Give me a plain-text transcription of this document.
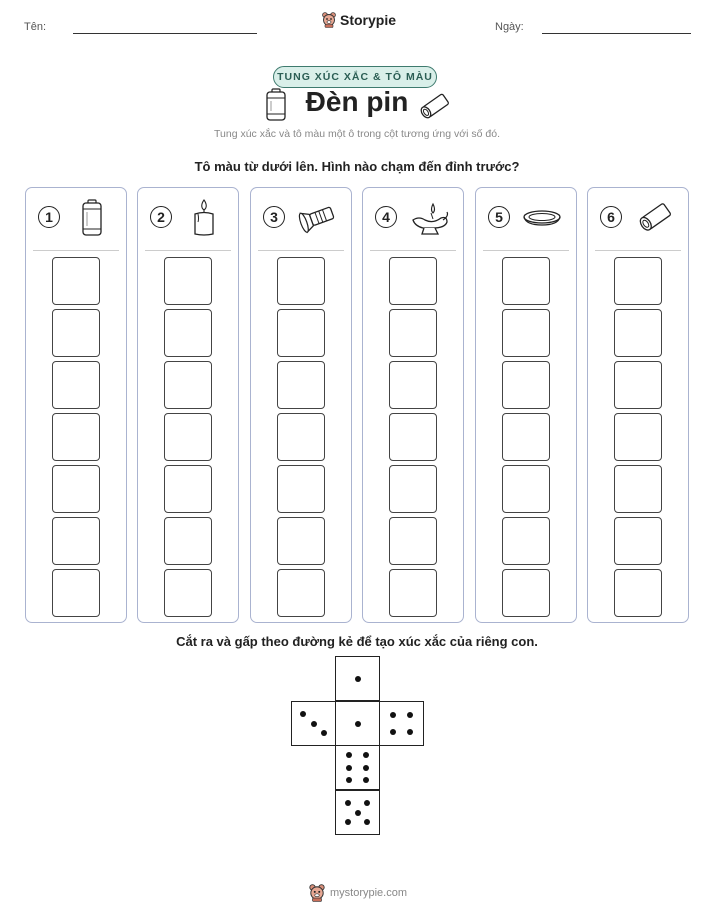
Tên:	Storypie	Ngày:
TUNG XÚC XẮC & TÔ MÀU
Đèn pin
Tung xúc xắc và tô màu một ô trong cột tương ứng với số đó.
Tô màu từ dưới lên. Hình nào chạm đến đỉnh trước?
1	2	3	4	5	6
Cắt ra và gấp theo đường kẻ để tạo xúc xắc của riêng con.
mystorypie.com
